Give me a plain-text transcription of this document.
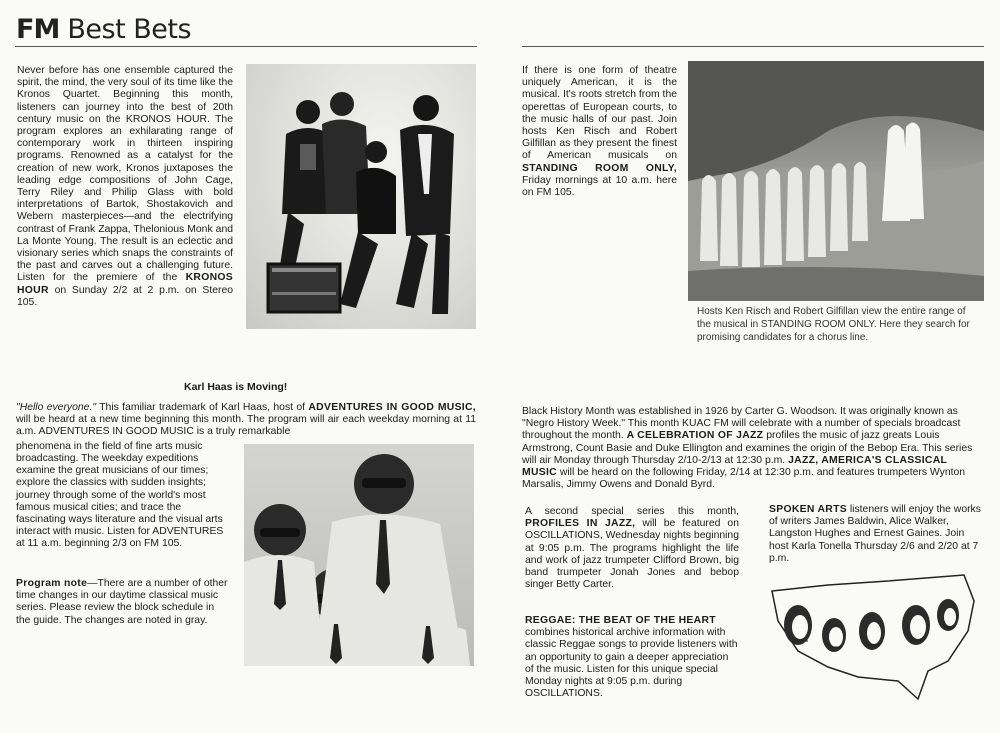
FM Best Bets
Never before has one ensemble captured the spirit, the mind, the very soul of its time like the Kronos Quartet. Beginning this month, listeners can journey into the best of 20th century music on the KRONOS HOUR. The program explores an exhilarating range of contemporary work in thirteen inspiring programs. Renowned as a catalyst for the creation of new work, Kronos juxtaposes the leading edge compositions of John Cage, Terry Riley and Philip Glass with bold interpretations of Bartok, Shostakovich and Webern masterpieces—and the electrifying contrast of Frank Zappa, Thelonious Monk and La Monte Young. The result is an eclectic and visionary series which snaps the constraints of the past and carves out a challenging future. Listen for the premiere of the KRONOS HOUR on Sunday 2/2 at 2 p.m. on Stereo 105.
If there is one form of theatre uniquely American, it is the musical. It's roots stretch from the operettas of European courts, to the music halls of our past. Join hosts Ken Risch and Robert Gilfillan as they present the finest of American musicals on STANDING ROOM ONLY, Friday mornings at 10 a.m. here on FM 105.
Hosts Ken Risch and Robert Gilfillan view the entire range of the musical in STANDING ROOM ONLY. Here they search for promising candidates for a chorus line.
Karl Haas is Moving!
"Hello everyone." This familiar trademark of Karl Haas, host of ADVENTURES IN GOOD MUSIC, will be heard at a new time beginning this month. The program will air each weekday morning at 11 a.m. ADVENTURES IN GOOD MUSIC is a truly remarkable
phenomena in the field of fine arts music
broadcasting. The weekday expeditions examine the great musicians of our times; explore the classics with sudden insights; journey through some of the world's most famous musical cities; and trace the fascinating ways literature and the visual arts interact with music. Listen for ADVENTURES at 11 a.m. beginning 2/3 on FM 105.
Program note—There are a number of other time changes in our daytime classical music series. Please review the block schedule in the guide. The changes are noted in gray.
Black History Month was established in 1926 by Carter G. Woodson. It was originally known as "Negro History Week." This month KUAC FM will celebrate with a number of specials broadcast throughout the month. A CELEBRATION OF JAZZ profiles the music of jazz greats Louis Armstrong, Count Basie and Duke Ellington and examines the origin of the Bebop Era. This series will air Monday through Thursday 2/10-2/13 at 12:30 p.m. JAZZ, AMERICA'S CLASSICAL MUSIC will be heard on the following Friday, 2/14 at 12:30 p.m. and features trumpeters Wynton Marsalis, Jimmy Owens and Donald Byrd.
A second special series this month, PROFILES IN JAZZ, will be featured on OSCILLATIONS, Wednesday nights beginning at 9:05 p.m. The programs highlight the life and work of jazz trumpeter Clifford Brown, big band trumpeter Jonah Jones and bebop singer Betty Carter.
REGGAE: THE BEAT OF THE HEART combines historical archive information with classic Reggae songs to provide listeners with an opportunity to gain a deeper appreciation of the music. Listen for this unique special Monday nights at 9:05 p.m. during OSCILLATIONS.
SPOKEN ARTS listeners will enjoy the works of writers James Baldwin, Alice Walker, Langston Hughes and Ernest Gaines. Join host Karla Tonella Thursday 2/6 and 2/20 at 7 p.m.
